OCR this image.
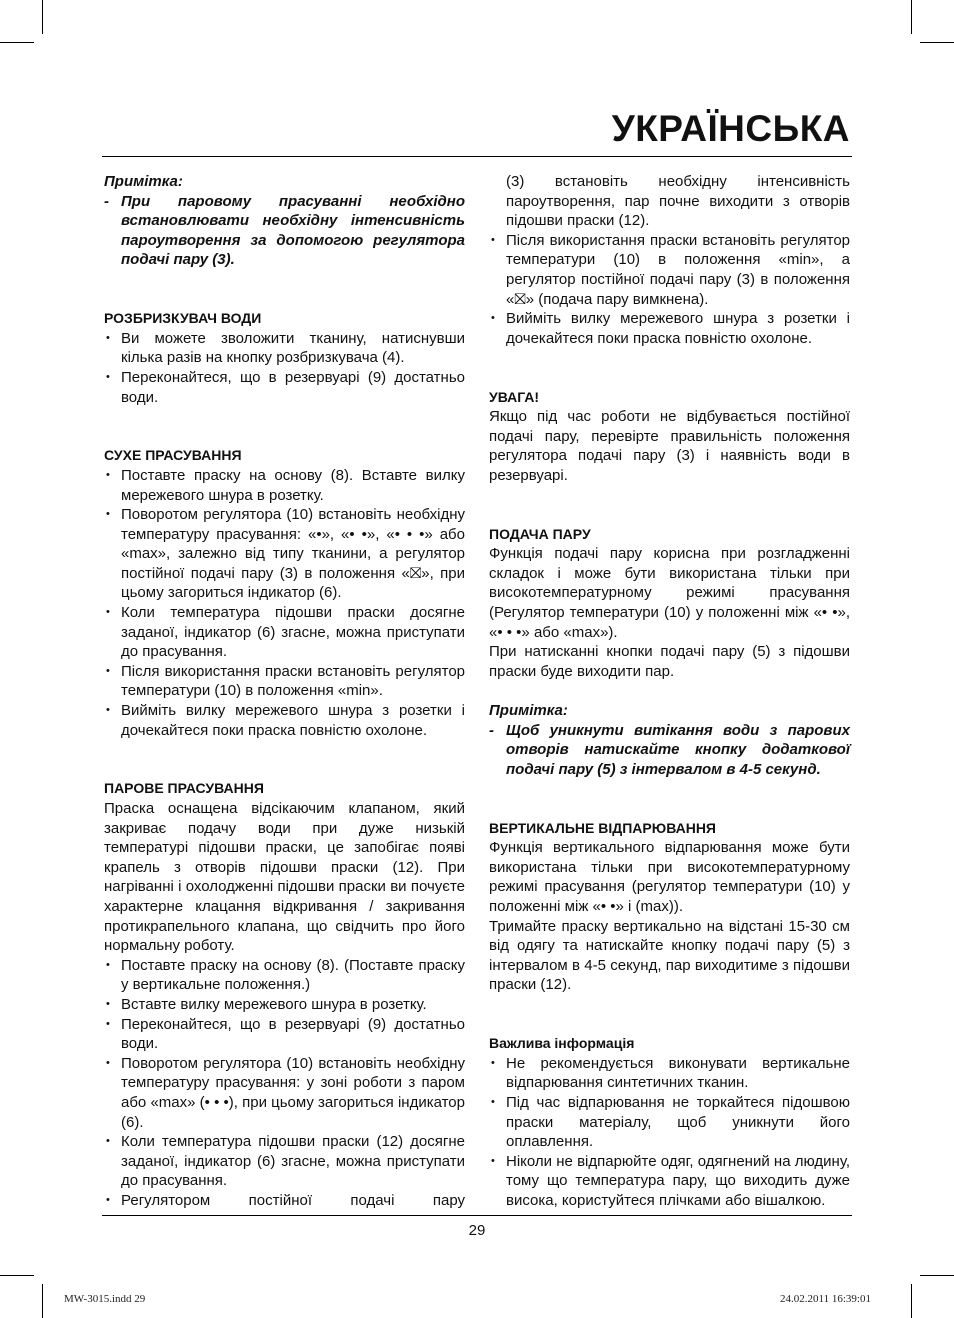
УКРАЇНСЬКА

Примітка:

- При паровому прасуванні необхідно встановлювати необхідну інтенсивність пароутворення за допомогою регулятора подачі пару (3).

РОЗБРИЗКУВАЧ ВОДИ

• Ви можете зволожити тканину, натиснувши кілька разів на кнопку розбризкувача (4).

• Переконайтеся, що в резервуарі (9) достатньо води.

СУХЕ ПРАСУВАННЯ

• Поставте праску на основу (8). Вставте вилку мережевого шнура в розетку.

• Поворотом регулятора (10) встановіть необхідну температуру прасування: «•», «• •», «• • •» або «max», залежно від типу тканини, а регулятор постійної подачі пару (3) в положення «⛝», при цьому загориться індикатор (6).

• Коли температура підошви праски досягне заданої, індикатор (6) згасне, можна приступати до прасування.

• Після використання праски встановіть регулятор температури (10) в положення «min».

• Вийміть вилку мережевого шнура з розетки і дочекайтеся поки праска повністю охолоне.

ПАРОВЕ ПРАСУВАННЯ

Праска оснащена відсікаючим клапаном, який закриває подачу води при дуже низькій температурі підошви праски, це запобігає появі крапель з отворів підошви праски (12). При нагріванні і охолодженні підошви праски ви почуєте характерне клацання відкривання / закривання протикрапельного клапана, що свідчить про його нормальну роботу.

• Поставте праску на основу (8). (Поставте праску у вертикальне положення.)

• Вставте вилку мережевого шнура в розетку.

• Переконайтеся, що в резервуарі (9) достатньо води.

• Поворотом регулятора (10) встановіть необхідну температуру прасування: у зоні роботи з паром або «max» (• • •), при цьому загориться індикатор (6).

• Коли температура підошви праски (12) досягне заданої, індикатор (6) згасне, можна приступати до прасування.

• Регулятором постійної подачі пару

(3) встановіть необхідну інтенсивність пароутворення, пар почне виходити з отворів підошви праски (12).

• Після використання праски встановіть регулятор температури (10) в положення «min», а регулятор постійної подачі пару (3) в положення «⛝» (подача пару вимкнена).

• Вийміть вилку мережевого шнура з розетки і дочекайтеся поки праска повністю охолоне.

УВАГА!

Якщо під час роботи не відбувається постійної подачі пару, перевірте правильність положення регулятора подачі пару (3) і наявність води в резервуарі.

ПОДАЧА ПАРУ

Функція подачі пару корисна при розгладженні складок і може бути використана тільки при високотемпературному режимі прасування (Регулятор температури (10) у положенні між «• •», «• • •» або «max»).

При натисканні кнопки подачі пару (5) з підошви праски буде виходити пар.

Примітка:

- Щоб уникнути витікання води з парових отворів натискайте кнопку додаткової подачі пару (5) з інтервалом в 4-5 секунд.

ВЕРТИКАЛЬНЕ ВІДПАРЮВАННЯ

Функція вертикального відпарювання може бути використана тільки при високотемпературному режимі прасування (регулятор температури (10) у положенні між «• •» і (max)).

Тримайте праску вертикально на відстані 15-30 см від одягу та натискайте кнопку подачі пару (5) з інтервалом в 4-5 секунд, пар виходитиме з підошви праски (12).

Важлива інформація

• Не рекомендується виконувати вертикальне відпарювання синтетичних тканин.

• Під час відпарювання не торкайтеся підошвою праски матеріалу, щоб уникнути його оплавлення.

• Ніколи не відпарюйте одяг, одягнений на людину, тому що температура пару, що виходить дуже висока, користуйтеся плічками або вішалкою.

29
MW-3015.indd 29	24.02.2011 16:39:01
